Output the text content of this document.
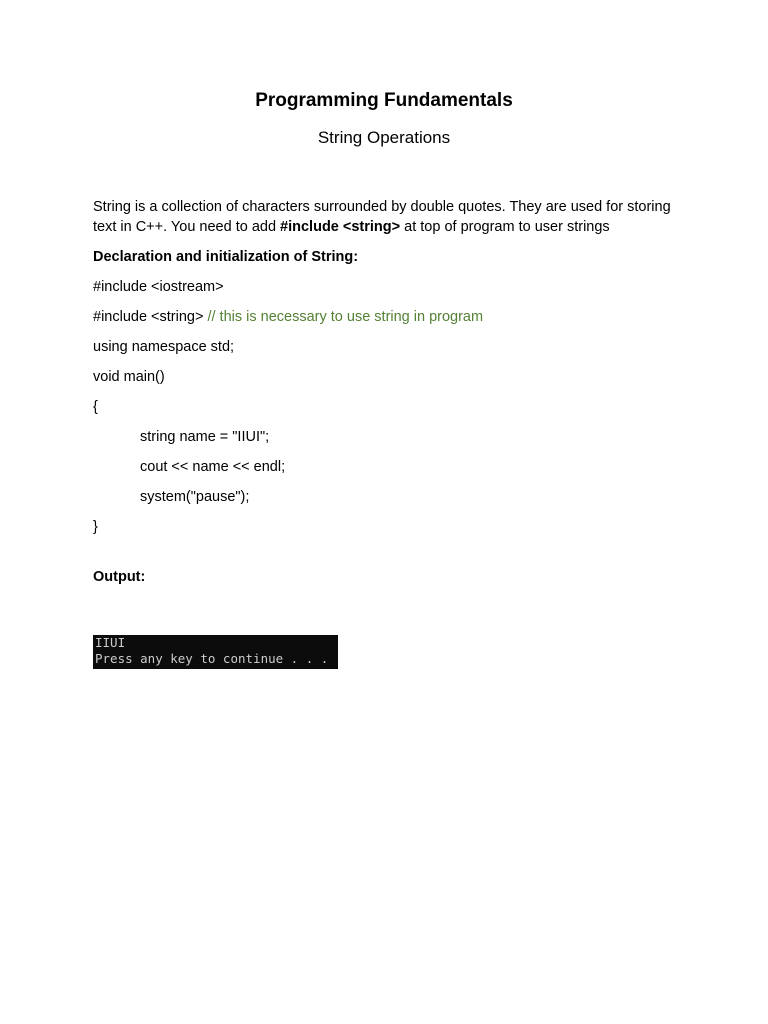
Programming Fundamentals
String Operations

String is a collection of characters surrounded by double quotes. They are used for storing text in C++. You need to add #include <string> at top of program to user strings

Declaration and initialization of String:
#include <iostream>
#include <string> // this is necessary to use string in program
using namespace std;
void main()
{
string name = "IIUI";
cout << name << endl;
system("pause");
}
Output:
IIUI
Press any key to continue . . .
